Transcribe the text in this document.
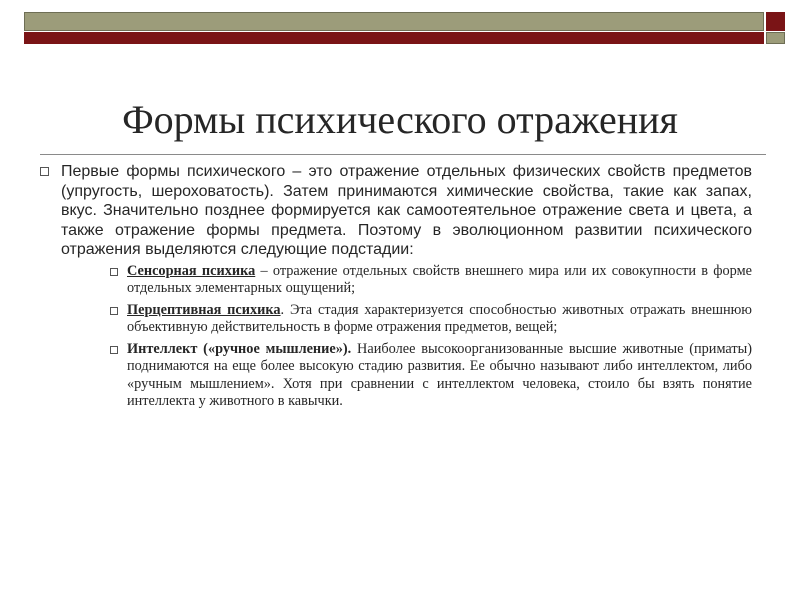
Формы психического отражения

Первые формы психического – это отражение отдельных физических свойств предметов (упругость, шероховатость). Затем принимаются химические свойства, такие как запах, вкус. Значительно позднее формируется как самоотеятельное отражение света и цвета, а также отражение формы предмета. Поэтому в эволюционном развитии психического отражения выделяются следующие подстадии:

Сенсорная психика – отражение отдельных свойств внешнего мира или их совокупности в форме отдельных элементарных ощущений;

Перцептивная психика. Эта стадия характеризуется способностью животных отражать внешнюю объективную действительность в форме отражения предметов, вещей;

Интеллект («ручное мышление»). Наиболее высокоорганизованные высшие животные (приматы) поднимаются на еще более высокую стадию развития. Ее обычно называют либо интеллектом, либо «ручным мышлением». Хотя при сравнении с интеллектом человека, стоило бы взять понятие интеллекта у животного в кавычки.
